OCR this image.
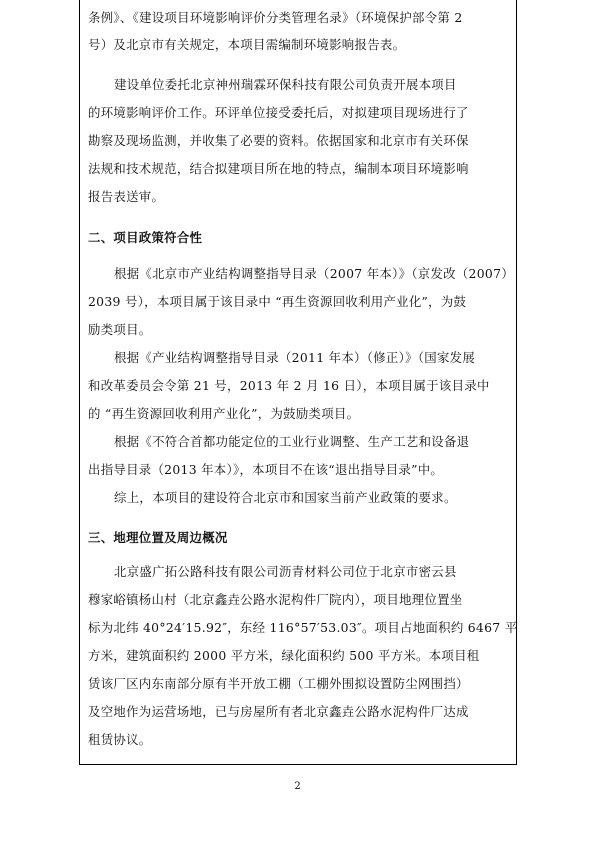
条例》、《建设项目环境影响评价分类管理名录》（环境保护部令第 2
号）及北京市有关规定，本项目需编制环境影响报告表。
建设单位委托北京神州瑞霖环保科技有限公司负责开展本项目
的环境影响评价工作。环评单位接受委托后，对拟建项目现场进行了
勘察及现场监测，并收集了必要的资料。依据国家和北京市有关环保
法规和技术规范，结合拟建项目所在地的特点，编制本项目环境影响
报告表送审。
二、项目政策符合性
根据《北京市产业结构调整指导目录（2007 年本）》（京发改（2007）
2039 号），本项目属于该目录中 “再生资源回收利用产业化”，为鼓
励类项目。
根据《产业结构调整指导目录（2011 年本）（修正）》（国家发展
和改革委员会令第 21 号，2013 年 2 月 16 日），本项目属于该目录中
的 “再生资源回收利用产业化”，为鼓励类项目。
根据《不符合首都功能定位的工业行业调整、生产工艺和设备退
出指导目录（2013 年本）》，本项目不在该“退出指导目录”中。
综上，本项目的建设符合北京市和国家当前产业政策的要求。
三、地理位置及周边概况
北京盛广拓公路科技有限公司沥青材料公司位于北京市密云县
穆家峪镇杨山村（北京鑫垚公路水泥构件厂院内），项目地理位置坐
标为北纬 40°24′15.92″，东经 116°57′53.03″。项目占地面积约 6467 平
方米，建筑面积约 2000 平方米，绿化面积约 500 平方米。本项目租
赁该厂区内东南部分原有半开放工棚（工棚外围拟设置防尘网围挡）
及空地作为运营场地，已与房屋所有者北京鑫垚公路水泥构件厂达成
租赁协议。
2
